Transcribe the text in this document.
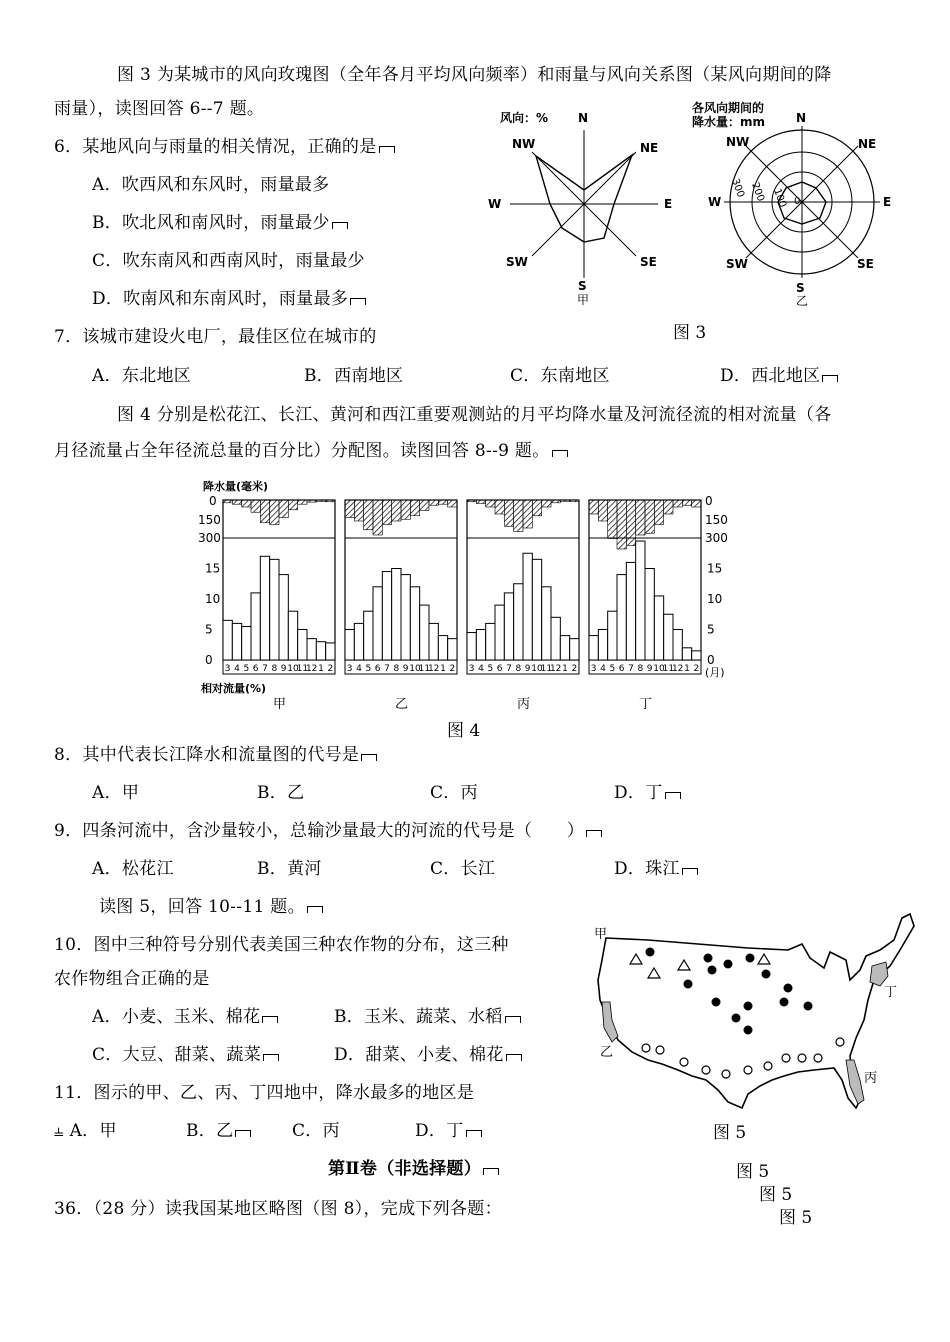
图 3 为某城市的风向玫瑰图（全年各月平均风向频率）和雨量与风向关系图（某风向期间的降
雨量），读图回答 6--7 题。
6．某地风向与雨量的相关情况，正确的是
A．吹西风和东风时，雨量最多
B．吹北风和南风时，雨量最少
C．吹东南风和西南风时，雨量最少
D．吹南风和东南风时，雨量最多
7．该城市建设火电厂，最佳区位在城市的
A．东北地区	B．西南地区	C．东南地区	D．西北地区
风向：% N
NE
E
SE
S
SW
W
NW
甲
各风向期间的
降水量：mm	N
NE
E
SE
S
SW
W
NW
300 200 100 0
乙
图 3
图 4 分别是松花江、长江、黄河和西江重要观测站的月平均降水量及河流径流的相对流量（各
月径流量占全年径流总量的百分比）分配图。读图回答 8--9 题。
降水量(毫米)
相对流量(%)
(月)
0
150
300
0
150
300
15	15
10	10
5	5
0	0
3 4 5 6 7 8 9 10
11
12 1 2
甲
3 4 5 6 7 8 9 10
11
12 1 2
乙
3 4 5 6 7 8 9 10
11
12 1 2
丙
3 4 5 6 7 8 9 10
11
12 1 2
丁
图 4
8．其中代表长江降水和流量图的代号是
A．甲	B．乙	C．丙	D．丁
9．四条河流中，含沙量较小，总输沙量最大的河流的代号是（　　）
A．松花江	B．黄河	C．长江	D．珠江
读图 5，回答 10--11 题。
10．图中三种符号分别代表美国三种农作物的分布，这三种
农作物组合正确的是
A．小麦、玉米、棉花	B．玉米、蔬菜、水稻
C．大豆、甜菜、蔬菜	D．甜菜、小麦、棉花
11．图示的甲、乙、丙、丁四地中，降水最多的地区是
⫨ A．甲	B．乙	C．丙	D．丁
甲
乙
丙
丁
图 5
图 5
图 5
图 5
第Ⅱ卷（非选择题）
36．（28 分）读我国某地区略图（图 8），完成下列各题：
